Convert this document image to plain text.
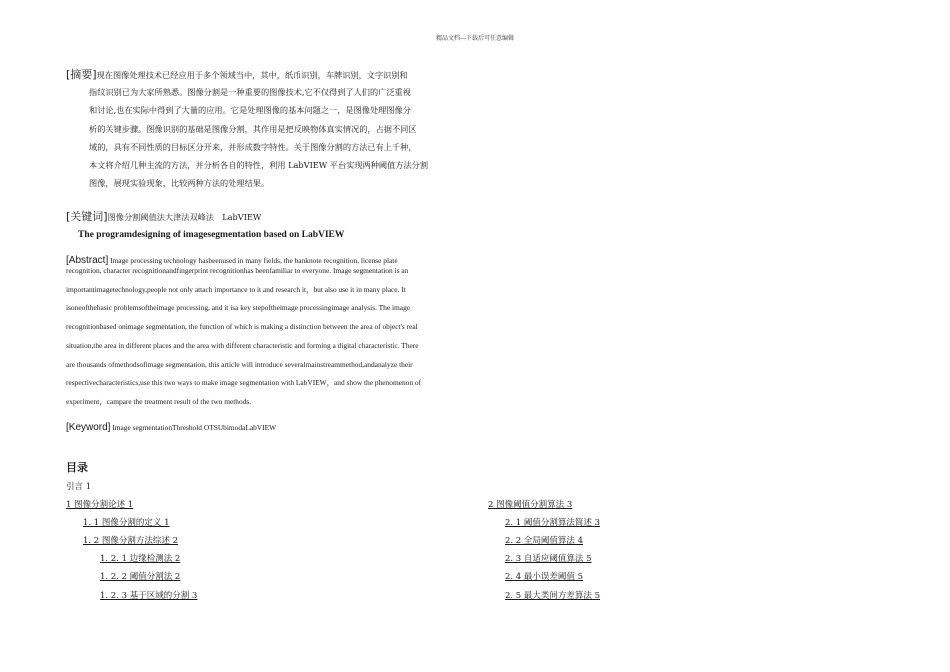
精品文档---下载后可任意编辑
[摘要]现在图像处理技术已经应用于多个领域当中，其中，纸币识别，车牌识别，文字识别和
指纹识别已为大家所熟悉。图像分割是一种重要的图像技术,它不仅得到了人们的广泛重视
和讨论,也在实际中得到了大量的应用。它是处理图像的基本问题之一，是图像处理图像分
析的关键步骤。图像识别的基础是图像分割，其作用是把反映物体真实情况的，占据不同区
域的，具有不同性质的目标区分开来，并形成数字特性。关于图像分割的方法已有上千种，
本文将介绍几种主流的方法，并分析各自的特性，利用 LabVIEW 平台实现两种阈值方法分割
图像，展现实验现象，比较两种方法的处理结果。
[关键词]图像分割阈值法大津法双峰法　LabVIEW
The programdesigning of imagesegmentation based on LabVIEW
[Abstract] Image processing technology hasbeenused in many fields, the banknote recognition, license plate
recognition, character recognitionandfingerprint recognitionhas beenfamiliar to everyone. Image segmentation is an
importantimagetechnology,people not only attach importance to it and research it，but also use it in many place. It
isoneofthebasic problemsoftheimage processing, and it isa key stepoftheimage processingimage analysis. The image
recognitionbased onimage segmentation, the function of which is making a distinction between the area of object's real
situation,the area in different places and the area with different characteristic and forming a digital characteristic. There
are thousands ofmethodsofimage segmentation, this article will introduce severalmainstreammethod,andanalyze their
respectivecharacteristics,use this two ways to make image segmentation with LabVIEW，and show the phenomenon of
experiment，campare the treatment result of the two methods.
[Keyword] Image segmentationThreshold OTSUbimodaLabVIEW
目录
引言 1
1 图像分割论述 1
1. 1 图像分割的定义 1
1. 2 图像分割方法综述 2
1. 2. 1 边缘检测法 2
1. 2. 2 阈值分割法 2
1. 2. 3 基于区域的分割 3
2 图像阈值分割算法 3
2. 1 阈值分割算法简述 3
2. 2 全局阈值算法 4
2. 3 自适应阈值算法 5
2. 4 最小误差阈值 5
2. 5 最大类间方差算法 5
